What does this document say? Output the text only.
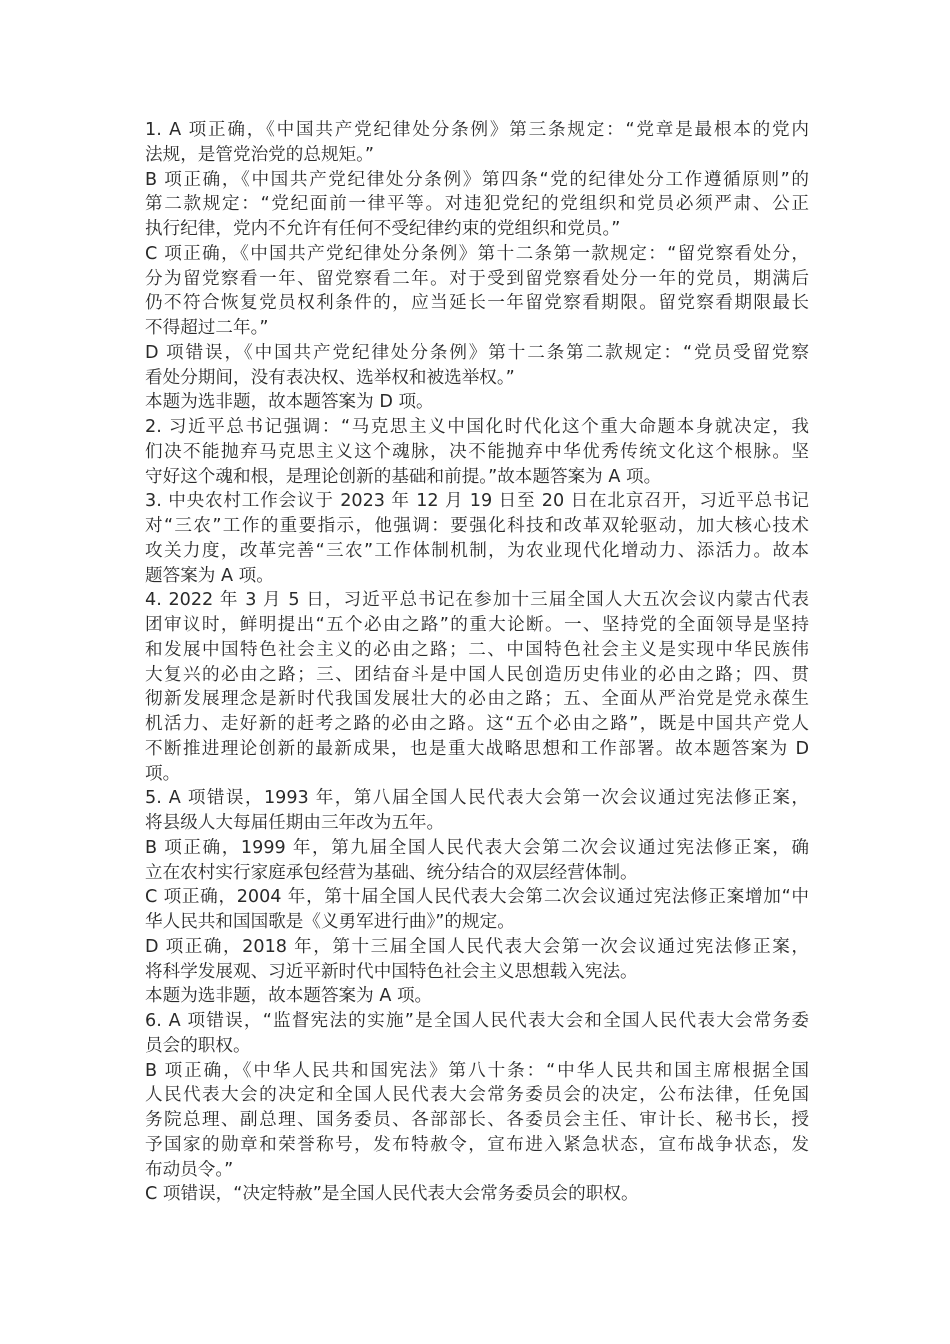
1. A 项正确，《中国共产党纪律处分条例》第三条规定：“党章是最根本的党内
法规，是管党治党的总规矩。”
B 项正确，《中国共产党纪律处分条例》第四条“党的纪律处分工作遵循原则”的
第二款规定：“党纪面前一律平等。对违犯党纪的党组织和党员必须严肃、公正
执行纪律，党内不允许有任何不受纪律约束的党组织和党员。”
C 项正确，《中国共产党纪律处分条例》第十二条第一款规定：“留党察看处分，
分为留党察看一年、留党察看二年。对于受到留党察看处分一年的党员，期满后
仍不符合恢复党员权利条件的，应当延长一年留党察看期限。留党察看期限最长
不得超过二年。”
D 项错误，《中国共产党纪律处分条例》第十二条第二款规定：“党员受留党察
看处分期间，没有表决权、选举权和被选举权。”
本题为选非题，故本题答案为 D 项。
2. 习近平总书记强调：“马克思主义中国化时代化这个重大命题本身就决定，我
们决不能抛弃马克思主义这个魂脉，决不能抛弃中华优秀传统文化这个根脉。坚
守好这个魂和根，是理论创新的基础和前提。”故本题答案为 A 项。
3. 中央农村工作会议于 2023 年 12 月 19 日至 20 日在北京召开，习近平总书记
对“三农”工作的重要指示，他强调：要强化科技和改革双轮驱动，加大核心技术
攻关力度，改革完善“三农”工作体制机制，为农业现代化增动力、添活力。故本
题答案为 A 项。
4. 2022 年 3 月 5 日，习近平总书记在参加十三届全国人大五次会议内蒙古代表
团审议时，鲜明提出“五个必由之路”的重大论断。一、坚持党的全面领导是坚持
和发展中国特色社会主义的必由之路；二、中国特色社会主义是实现中华民族伟
大复兴的必由之路；三、团结奋斗是中国人民创造历史伟业的必由之路；四、贯
彻新发展理念是新时代我国发展壮大的必由之路；五、全面从严治党是党永葆生
机活力、走好新的赶考之路的必由之路。这“五个必由之路”，既是中国共产党人
不断推进理论创新的最新成果，也是重大战略思想和工作部署。故本题答案为 D
项。
5. A 项错误，1993 年，第八届全国人民代表大会第一次会议通过宪法修正案，
将县级人大每届任期由三年改为五年。
B 项正确，1999 年，第九届全国人民代表大会第二次会议通过宪法修正案，确
立在农村实行家庭承包经营为基础、统分结合的双层经营体制。
C 项正确，2004 年，第十届全国人民代表大会第二次会议通过宪法修正案增加“中
华人民共和国国歌是《义勇军进行曲》”的规定。
D 项正确，2018 年，第十三届全国人民代表大会第一次会议通过宪法修正案，
将科学发展观、习近平新时代中国特色社会主义思想载入宪法。
本题为选非题，故本题答案为 A 项。
6. A 项错误，“监督宪法的实施”是全国人民代表大会和全国人民代表大会常务委
员会的职权。
B 项正确，《中华人民共和国宪法》第八十条：“中华人民共和国主席根据全国
人民代表大会的决定和全国人民代表大会常务委员会的决定，公布法律，任免国
务院总理、副总理、国务委员、各部部长、各委员会主任、审计长、秘书长，授
予国家的勋章和荣誉称号，发布特赦令，宣布进入紧急状态，宣布战争状态，发
布动员令。”
C 项错误，“决定特赦”是全国人民代表大会常务委员会的职权。
